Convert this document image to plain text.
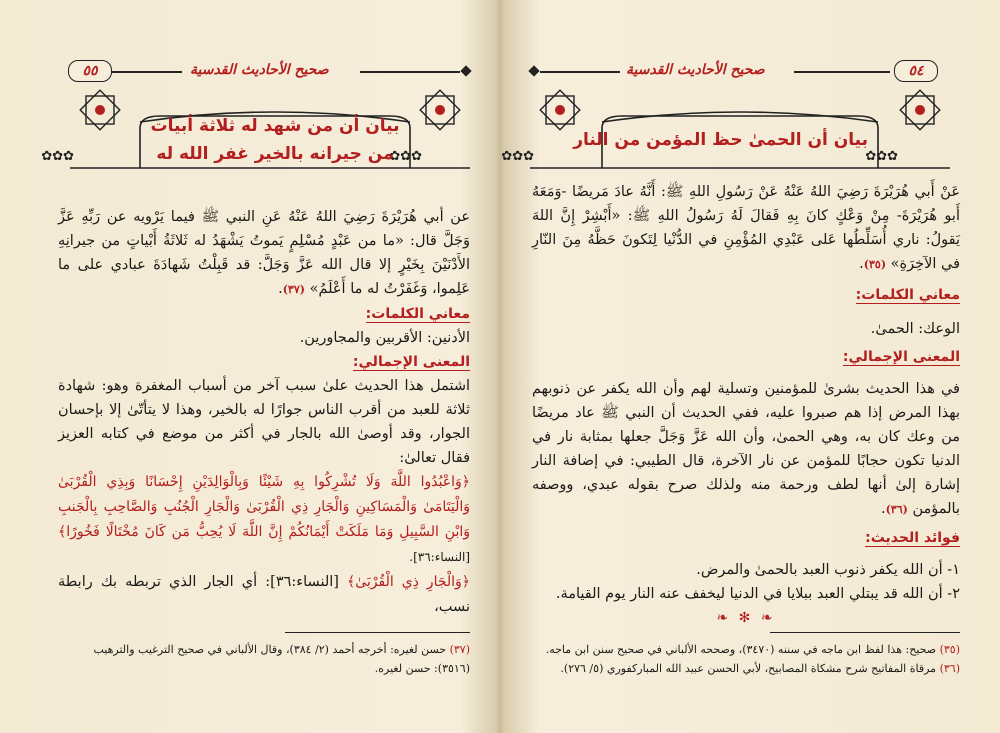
٥٥	صحيح الأحاديث القدسية
✿✿✿	✿✿✿
بيان أن من شهد له ثلاثة أبيات
من جيرانه بالخير غفر الله له

عن أبي هُرَيْرَةَ رَضِيَ اللهُ عَنْهُ عَنِ النبي ﷺ فيما يَرْويه عن رَبِّهِ عَزَّ وَجَلَّ قال: «ما من عَبْدٍ مُسْلِمٍ يَموتُ يَشْهَدُ له ثَلاثَةُ أَبْياتٍ من جيرانِهِ الأَدْنَيْنَ بِخَيْرٍ إلا قال الله عَزَّ وَجَلَّ: قد قَبِلْتُ شَهادَةَ عبادي على ما عَلِموا، وَغَفَرْتُ له ما أَعْلَمُ» (٣٧).

معاني الكلمات:

الأدنين: الأقربين والمجاورين.

المعنى الإجمالي:

اشتمل هذا الحديث علىٰ سبب آخر من أسباب المغفرة وهو: شهادة ثلاثة للعبد من أقرب الناس جوارًا له بالخير، وهذا لا يتأتّىٰ إلا بإحسان الجوار، وقد أوصىٰ الله بالجار في أكثر من موضع في كتابه العزيز فقال تعالىٰ:

﴿وَاعْبُدُوا اللَّهَ وَلَا تُشْرِكُوا بِهِ شَيْئًا وَبِالْوَالِدَيْنِ إِحْسَانًا وَبِذِي الْقُرْبَىٰ وَالْيَتَامَىٰ وَالْمَسَاكِينِ وَالْجَارِ ذِي الْقُرْبَىٰ وَالْجَارِ الْجُنُبِ وَالصَّاحِبِ بِالْجَنبِ وَابْنِ السَّبِيلِ وَمَا مَلَكَتْ أَيْمَانُكُمْ إِنَّ اللَّهَ لَا يُحِبُّ مَن كَانَ مُخْتَالًا فَخُورًا﴾ [النساء:٣٦].

﴿وَالْجَارِ ذِي الْقُرْبَىٰ﴾ [النساء:٣٦]: أي الجار الذي تربطه بك رابطة نسب،

(٣٧) حسن لغيره: أخرجه أحمد (٢/ ٣٨٤)، وقال الألباني في صحيح الترغيب والترهيب (٣٥١٦): حسن لغيره.
صحيح الأحاديث القدسية	٥٤
✿✿✿	✿✿✿
بيان أن الحمىٰ حظ المؤمن من النار

عَنْ أَبي هُرَيْرَةَ رَضِيَ اللهُ عَنْهُ عَنْ رَسُولِ اللهِ ﷺ: أَنَّهُ عادَ مَريضًا -وَمَعَهُ أَبو هُرَيْرَةَ- مِنْ وَعْكٍ كانَ بِهِ فَقالَ لَهُ رَسُولُ اللهِ ﷺ: «أَبْشِرْ إِنَّ اللهَ يَقولُ: ناري أُسَلِّطُها عَلى عَبْدِي المُؤْمِنِ في الدُّنْيا لِتَكونَ حَظَّهُ مِنَ النّارِ في الآخِرَةِ» (٣٥).

معاني الكلمات:

الوعك: الحمىٰ.

المعنى الإجمالي:

في هذا الحديث بشرىٰ للمؤمنين وتسلية لهم وأن الله يكفر عن ذنوبهم بهذا المرض إذا هم صبروا عليه، ففي الحديث أن النبي ﷺ عاد مريضًا من وعك كان به، وهي الحمىٰ، وأن الله عَزَّ وَجَلَّ جعلها بمثابة نار في الدنيا تكون حجابًا للمؤمن عن نار الآخرة، قال الطيبي: في إضافة النار إشارة إلىٰ أنها لطف ورحمة منه ولذلك صرح بقوله عبدي، ووصفه بالمؤمن (٣٦).

فوائد الحديث:

١- أن الله يكفر ذنوب العبد بالحمىٰ والمرض.

٢- أن الله قد يبتلي العبد ببلايا في الدنيا ليخفف عنه النار يوم القيامة.

❧ ✻ ❧
(٣٥) صحيح: هذا لفظ ابن ماجه في سننه (٣٤٧٠)، وصححه الألباني في صحيح سنن ابن ماجه.
(٣٦) مرقاة المفاتيح شرح مشكاة المصابيح، لأبي الحسن عبيد الله المباركفوري (٥/ ٢٧٦).
